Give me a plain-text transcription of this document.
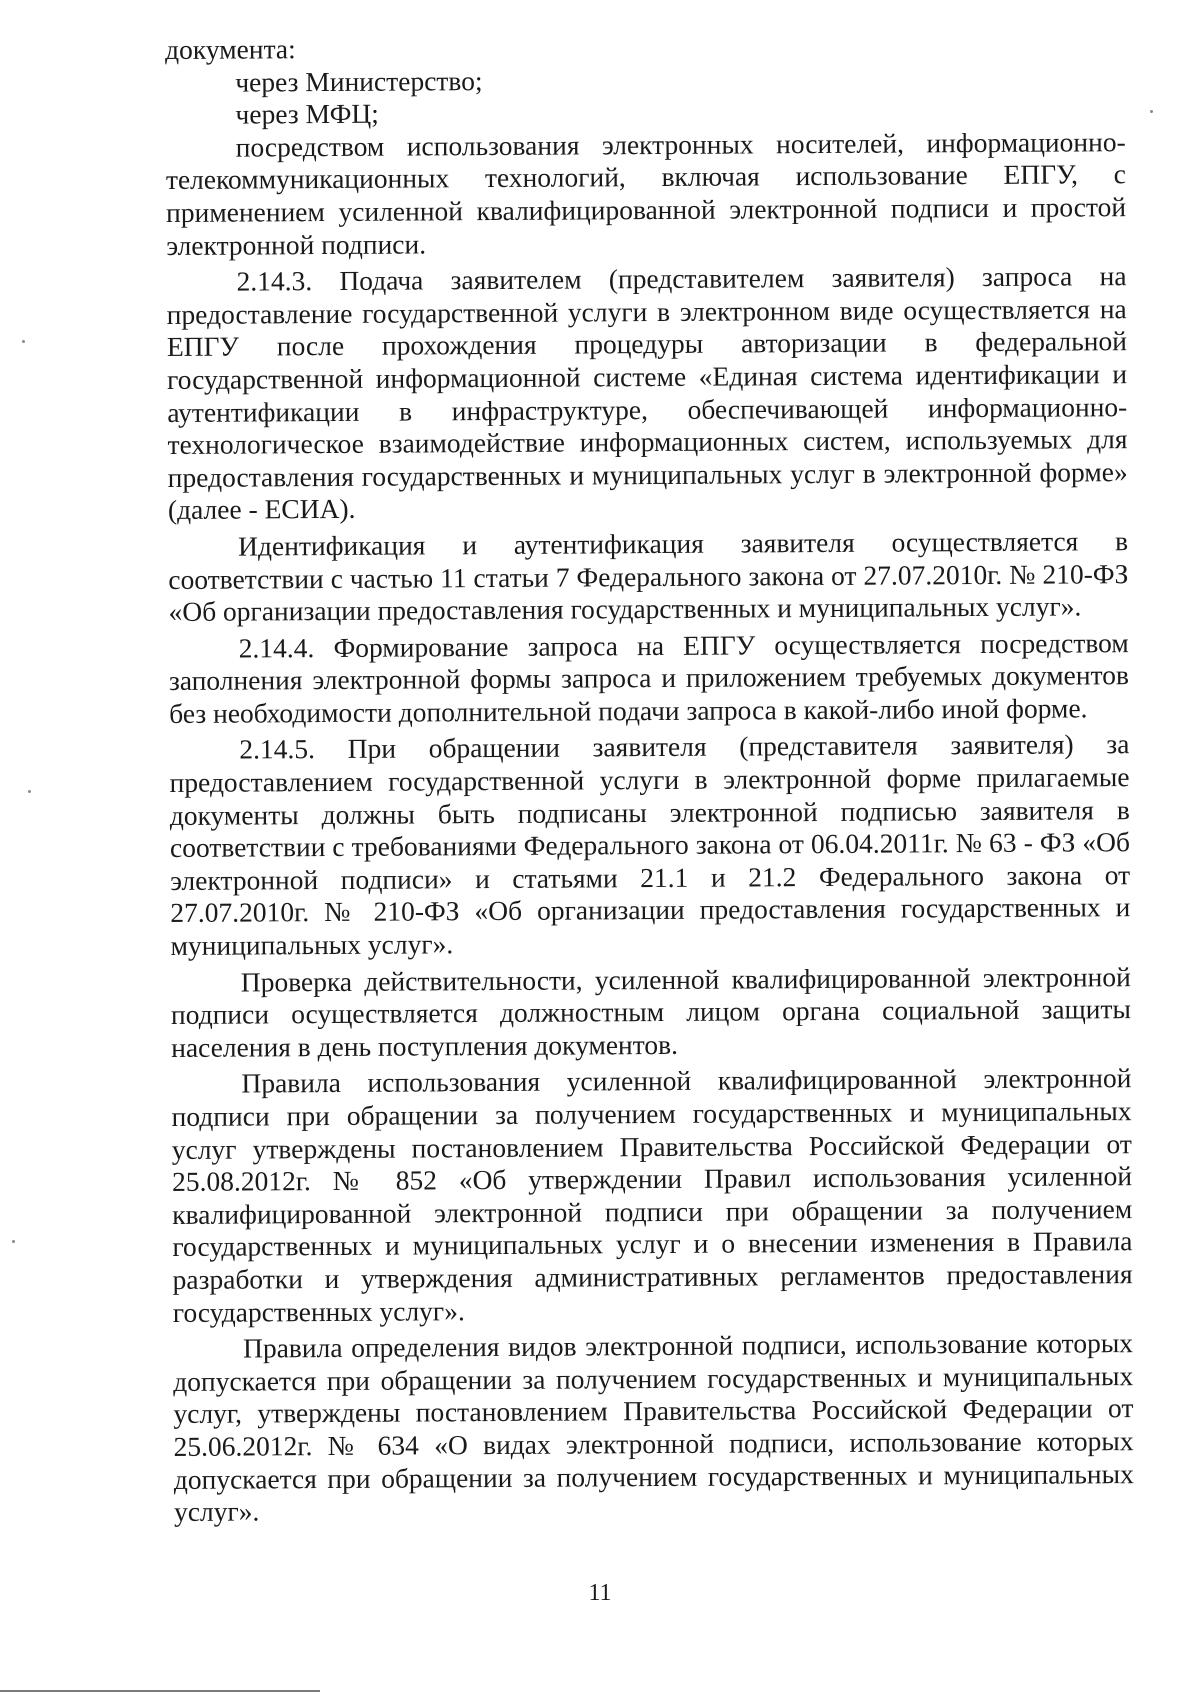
документа:

через Министерство;

через МФЦ;

посредством использования электронных носителей, информационно-телекоммуникационных технологий, включая использование ЕПГУ, с применением усиленной квалифицированной электронной подписи и простой электронной подписи.

2.14.3. Подача заявителем (представителем заявителя) запроса на предоставление государственной услуги в электронном виде осуществляется на ЕПГУ после прохождения процедуры авторизации в федеральной государственной информационной системе «Единая система идентификации и аутентификации в инфраструктуре, обеспечивающей информационно-технологическое взаимодействие информационных систем, используемых для предоставления государственных и муниципальных услуг в электронной форме» (далее - ЕСИА).

Идентификация и аутентификация заявителя осуществляется в соответствии с частью 11 статьи 7 Федерального закона от 27.07.2010г. № 210-ФЗ «Об организации предоставления государственных и муниципальных услуг».

2.14.4. Формирование запроса на ЕПГУ осуществляется посредством заполнения электронной формы запроса и приложением требуемых документов без необходимости дополнительной подачи запроса в какой-либо иной форме.

2.14.5. При обращении заявителя (представителя заявителя) за предоставлением государственной услуги в электронной форме прилагаемые документы должны быть подписаны электронной подписью заявителя в соответствии с требованиями Федерального закона от 06.04.2011г. № 63 - ФЗ «Об электронной подписи» и статьями 21.1 и 21.2 Федерального закона от 27.07.2010г. № 210-ФЗ «Об организации предоставления государственных и муниципальных услуг».

Проверка действительности, усиленной квалифицированной электронной подписи осуществляется должностным лицом органа социальной защиты населения в день поступления документов.

Правила использования усиленной квалифицированной электронной подписи при обращении за получением государственных и муниципальных услуг утверждены постановлением Правительства Российской Федерации от 25.08.2012г. № 852 «Об утверждении Правил использования усиленной квалифицированной электронной подписи при обращении за получением государственных и муниципальных услуг и о внесении изменения в Правила разработки и утверждения административных регламентов предоставления государственных услуг».

Правила определения видов электронной подписи, использование которых допускается при обращении за получением государственных и муниципальных услуг, утверждены постановлением Правительства Российской Федерации от 25.06.2012г. № 634 «О видах электронной подписи, использование которых допускается при обращении за получением государственных и муниципальных услуг».

11
